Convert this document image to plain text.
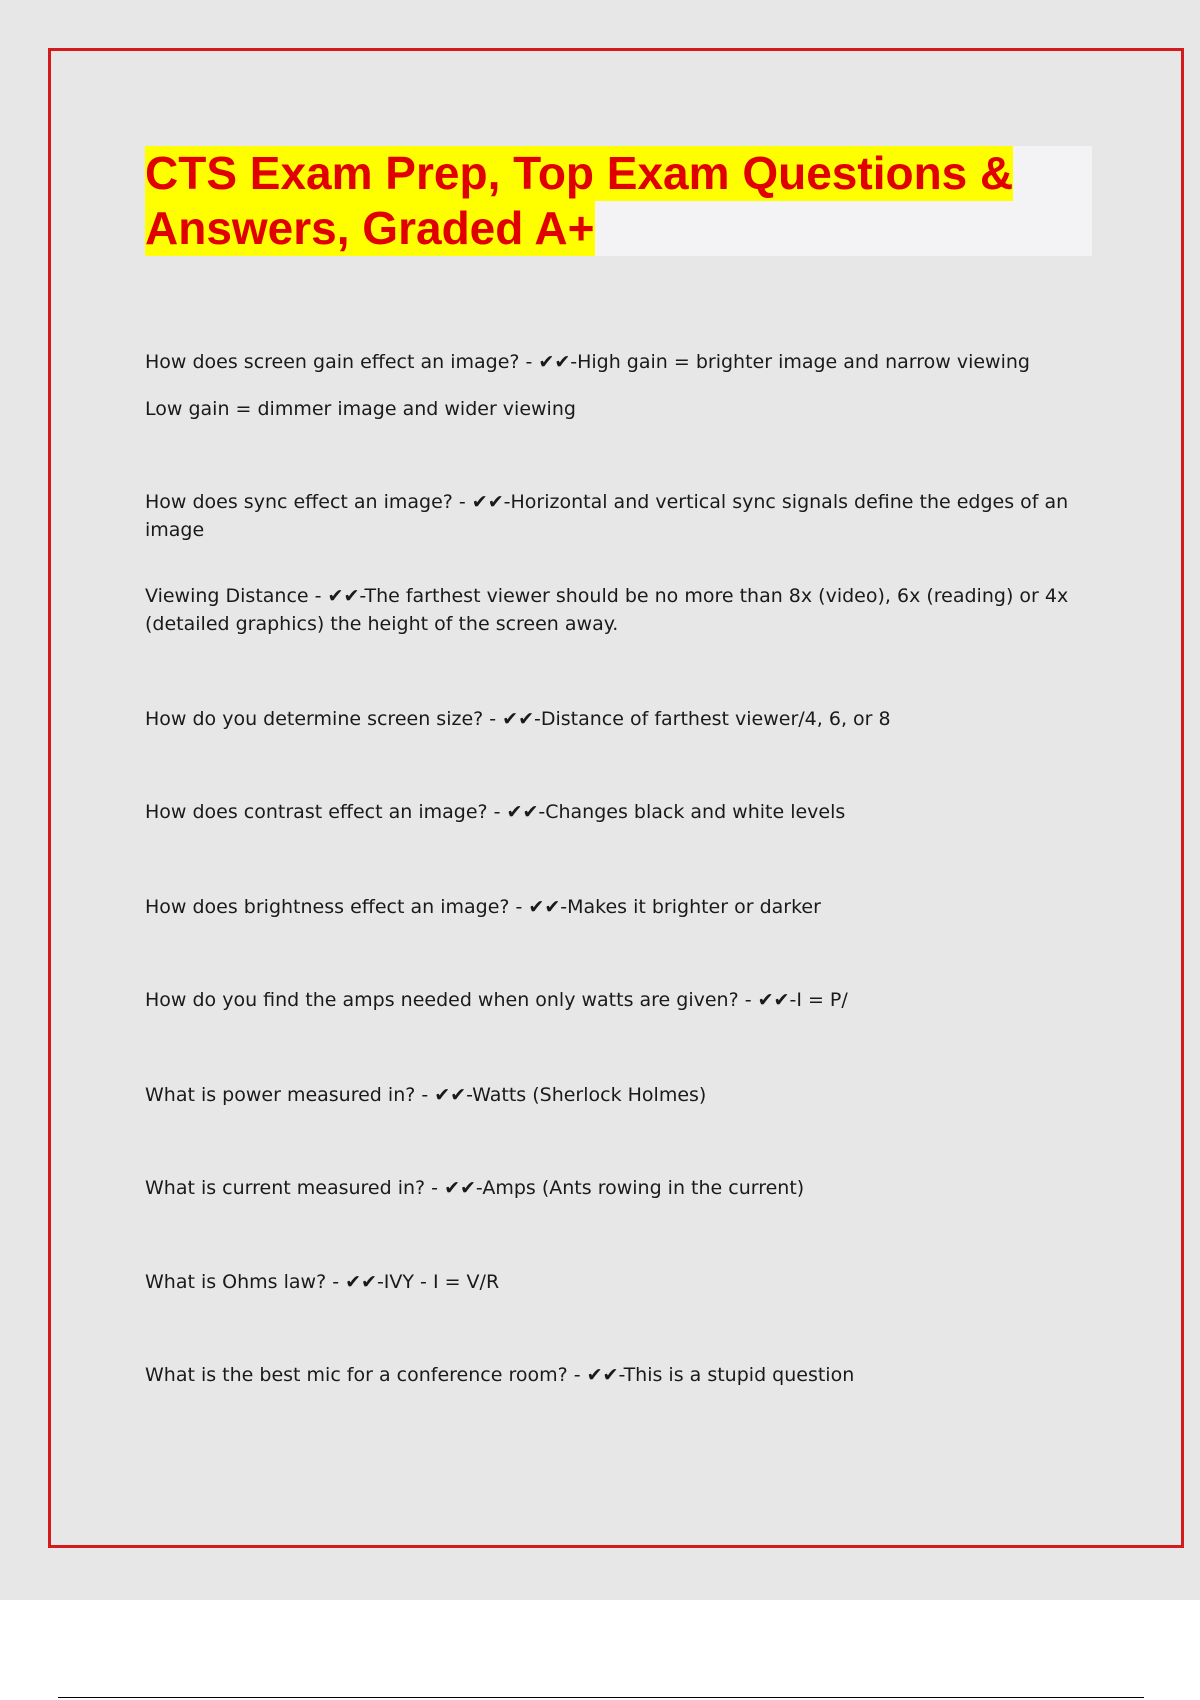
CTS Exam Prep, Top Exam Questions &
Answers, Graded A+

How does screen gain effect an image? - ✔✔-High gain = brighter image and narrow viewing

Low gain = dimmer image and wider viewing

How does sync effect an image? - ✔✔-Horizontal and vertical sync signals define the edges of an image

Viewing Distance - ✔✔-The farthest viewer should be no more than 8x (video), 6x (reading) or 4x (detailed graphics) the height of the screen away.

How do you determine screen size? - ✔✔-Distance of farthest viewer/4, 6, or 8

How does contrast effect an image? - ✔✔-Changes black and white levels

How does brightness effect an image? - ✔✔-Makes it brighter or darker

How do you find the amps needed when only watts are given? - ✔✔-I = P/

What is power measured in? - ✔✔-Watts (Sherlock Holmes)

What is current measured in? - ✔✔-Amps (Ants rowing in the current)

What is Ohms law? - ✔✔-IVY - I = V/R

What is the best mic for a conference room? - ✔✔-This is a stupid question
